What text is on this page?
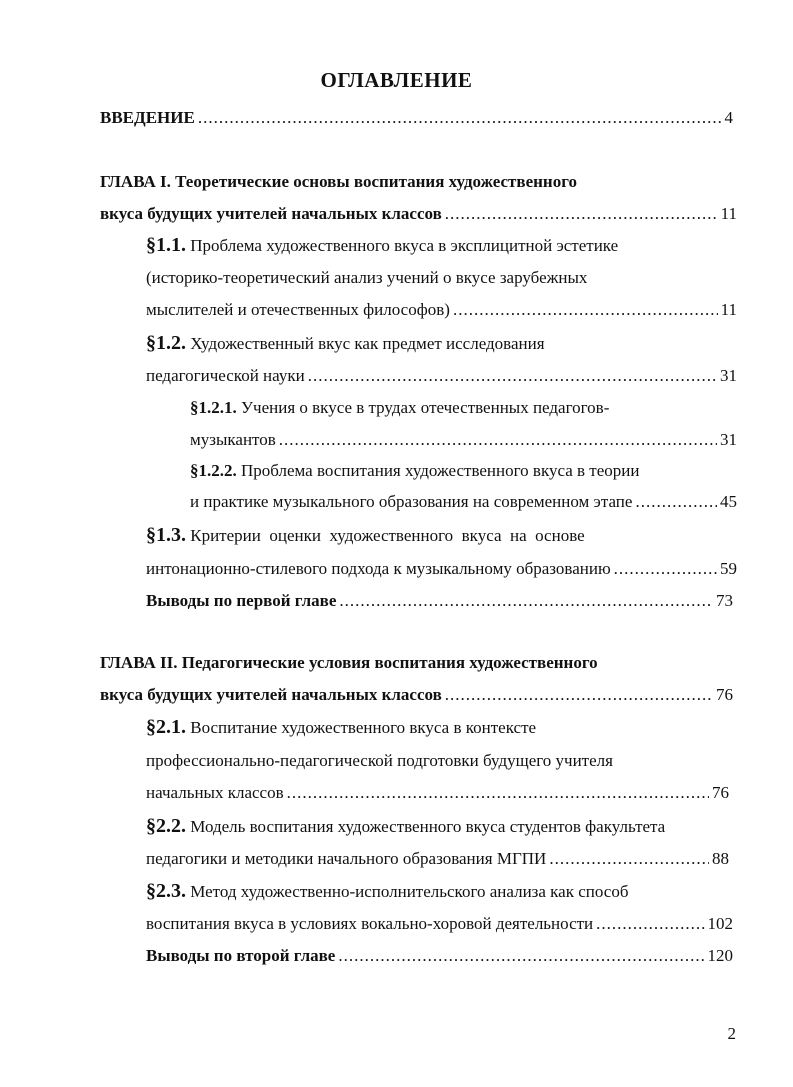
ОГЛАВЛЕНИЕ
ВВЕДЕНИЕ .....	4
ГЛАВА I. Теоретические основы воспитания художественного
вкуса будущих учителей начальных классов .....	11
§1.1. Проблема художественного вкуса в эксплицитной эстетике
(историко-теоретический анализ учений о вкусе зарубежных
мыслителей и отечественных философов) .....	11
§1.2. Художественный вкус как предмет исследования
педагогической науки .....	31
§1.2.1. Учения о вкусе в трудах отечественных педагогов-
музыкантов .....	31
§1.2.2. Проблема воспитания художественного вкуса в теории
и практике музыкального образования на современном этапе .....	45
§1.3. Критерии  оценки  художественного  вкуса  на  основе
интонационно-стилевого подхода к музыкальному образованию .....	59
Выводы по первой главе .....	73
ГЛАВА II. Педагогические условия воспитания художественного
вкуса будущих учителей начальных классов .....	76
§2.1. Воспитание художественного вкуса в контексте
профессионально-педагогической подготовки будущего учителя
начальных классов .....	76
§2.2. Модель воспитания художественного вкуса студентов факультета
педагогики и методики начального образования МГПИ .....	88
§2.3. Метод художественно-исполнительского анализа как способ
воспитания вкуса в условиях вокально-хоровой деятельности .....	102
Выводы по второй главе .....	120
2
